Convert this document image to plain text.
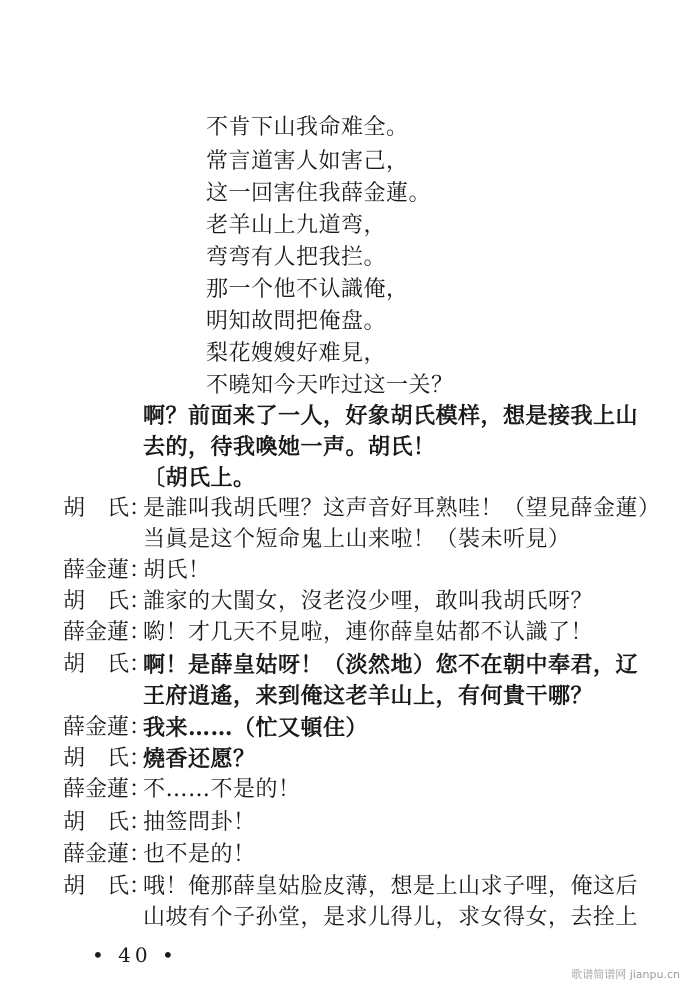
不肯下山我命难全。
常言道害人如害己，
这一回害住我薛金蓮。
老羊山上九道弯，
弯弯有人把我拦。
那一个他不认識俺，
明知故問把俺盘。
梨花嫂嫂好难見，
不曉知今天咋过这一关？
啊？前面来了一人，好象胡氏模样，想是接我上山
去的，待我喚她一声。胡氏！
〔胡氏上。
胡　氏：
是誰叫我胡氏哩？这声音好耳熟哇！（望見薛金蓮）
当眞是这个短命鬼上山来啦！（裝未听見）
薛金蓮：
胡氏！
胡　氏：
誰家的大閨女，沒老沒少哩，敢叫我胡氏呀？
薛金蓮：
喲！才几天不見啦，連你薛皇姑都不认識了！
胡　氏：
啊！是薛皇姑呀！（淡然地）您不在朝中奉君，辽
王府逍遙，来到俺这老羊山上，有何貴干哪？
薛金蓮：
我来……（忙又頓住）
胡　氏：
燒香还愿？
薛金蓮：
不……不是的！
胡　氏：
抽签問卦！
薛金蓮：
也不是的！
胡　氏：
哦！俺那薛皇姑脸皮薄，想是上山求子哩，俺这后
山坡有个子孙堂，是求儿得儿，求女得女，去拴上
• 40 •
歌谱简谱网 jianpu.cn
